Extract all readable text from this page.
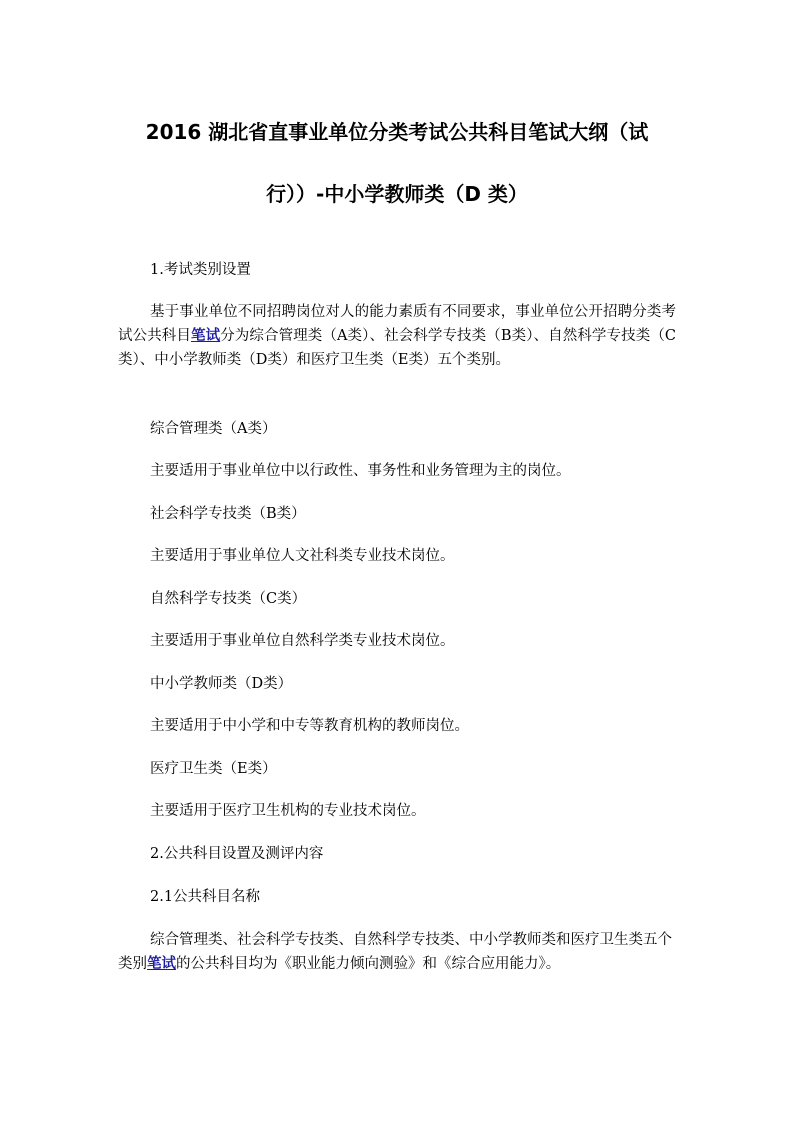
2016 湖北省直事业单位分类考试公共科目笔试大纲（试
行））-中小学教师类（D 类）

1.考试类别设置

基于事业单位不同招聘岗位对人的能力素质有不同要求，事业单位公开招聘分类考试公共科目笔试分为综合管理类（A类）、社会科学专技类（B类）、自然科学专技类（C类）、中小学教师类（D类）和医疗卫生类（E类）五个类别。

综合管理类（A类）

主要适用于事业单位中以行政性、事务性和业务管理为主的岗位。

社会科学专技类（B类）

主要适用于事业单位人文社科类专业技术岗位。

自然科学专技类（C类）

主要适用于事业单位自然科学类专业技术岗位。

中小学教师类（D类）

主要适用于中小学和中专等教育机构的教师岗位。

医疗卫生类（E类）

主要适用于医疗卫生机构的专业技术岗位。

2.公共科目设置及测评内容

2.1公共科目名称

综合管理类、社会科学专技类、自然科学专技类、中小学教师类和医疗卫生类五个类别笔试的公共科目均为《职业能力倾向测验》和《综合应用能力》。
